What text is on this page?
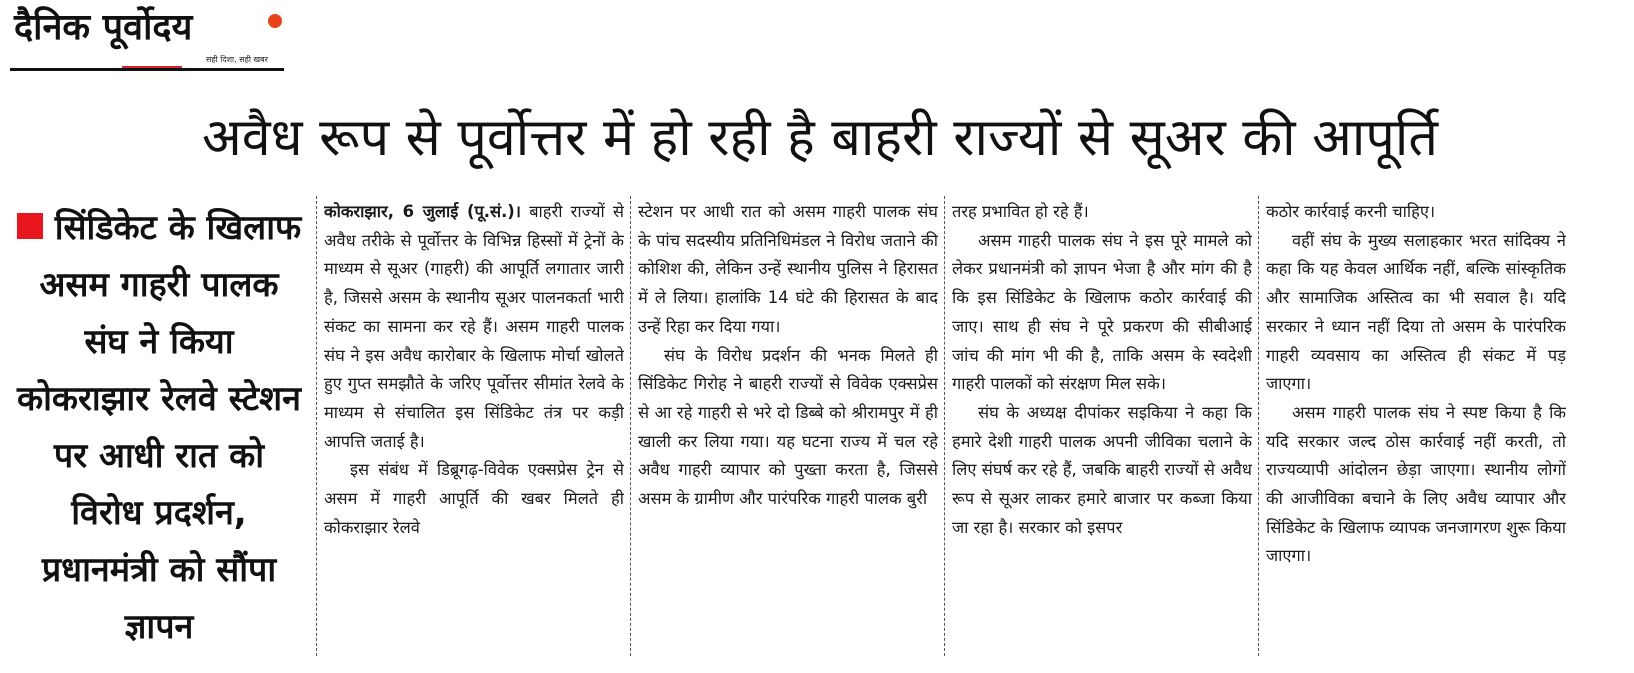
दैनिक पूर्वोदय
सही दिशा, सही खबर
अवैध रूप से पूर्वोत्तर में हो रही है बाहरी राज्यों से सूअर की आपूर्ति
सिंडिकेट के खिलाफ असम गाहरी पालक संघ ने किया कोकराझार रेलवे स्टेशन पर आधी रात को विरोध प्रदर्शन, प्रधानमंत्री को सौंपा ज्ञापन

कोकराझार, 6 जुलाई (पू.सं.)। बाहरी राज्यों से अवैध तरीके से पूर्वोत्तर के विभिन्न हिस्सों में ट्रेनों के माध्यम से सूअर (गाहरी) की आपूर्ति लगातार जारी है, जिससे असम के स्थानीय सूअर पालनकर्ता भारी संकट का सामना कर रहे हैं। असम गाहरी पालक संघ ने इस अवैध कारोबार के खिलाफ मोर्चा खोलते हुए गुप्त समझौते के जरिए पूर्वोत्तर सीमांत रेलवे के माध्यम से संचालित इस सिंडिकेट तंत्र पर कड़ी आपत्ति जताई है।

इस संबंध में डिब्रूगढ़-विवेक एक्सप्रेस ट्रेन से असम में गाहरी आपूर्ति की खबर मिलते ही कोकराझार रेलवे

स्टेशन पर आधी रात को असम गाहरी पालक संघ के पांच सदस्यीय प्रतिनिधिमंडल ने विरोध जताने की कोशिश की, लेकिन उन्हें स्थानीय पुलिस ने हिरासत में ले लिया। हालांकि 14 घंटे की हिरासत के बाद उन्हें रिहा कर दिया गया।

संघ के विरोध प्रदर्शन की भनक मिलते ही सिंडिकेट गिरोह ने बाहरी राज्यों से विवेक एक्सप्रेस से आ रहे गाहरी से भरे दो डिब्बे को श्रीरामपुर में ही खाली कर लिया गया। यह घटना राज्य में चल रहे अवैध गाहरी व्यापार को पुख्ता करता है, जिससे असम के ग्रामीण और पारंपरिक गाहरी पालक बुरी

तरह प्रभावित हो रहे हैं।

असम गाहरी पालक संघ ने इस पूरे मामले को लेकर प्रधानमंत्री को ज्ञापन भेजा है और मांग की है कि इस सिंडिकेट के खिलाफ कठोर कार्रवाई की जाए। साथ ही संघ ने पूरे प्रकरण की सीबीआई जांच की मांग भी की है, ताकि असम के स्वदेशी गाहरी पालकों को संरक्षण मिल सके।

संघ के अध्यक्ष दीपांकर सइकिया ने कहा कि हमारे देशी गाहरी पालक अपनी जीविका चलाने के लिए संघर्ष कर रहे हैं, जबकि बाहरी राज्यों से अवैध रूप से सूअर लाकर हमारे बाजार पर कब्जा किया जा रहा है। सरकार को इसपर

कठोर कार्रवाई करनी चाहिए।

वहीं संघ के मुख्य सलाहकार भरत सांदिक्य ने कहा कि यह केवल आर्थिक नहीं, बल्कि सांस्कृतिक और सामाजिक अस्तित्व का भी सवाल है। यदि सरकार ने ध्यान नहीं दिया तो असम के पारंपरिक गाहरी व्यवसाय का अस्तित्व ही संकट में पड़ जाएगा।

असम गाहरी पालक संघ ने स्पष्ट किया है कि यदि सरकार जल्द ठोस कार्रवाई नहीं करती, तो राज्यव्यापी आंदोलन छेड़ा जाएगा। स्थानीय लोगों की आजीविका बचाने के लिए अवैध व्यापार और सिंडिकेट के खिलाफ व्यापक जनजागरण शुरू किया जाएगा।
